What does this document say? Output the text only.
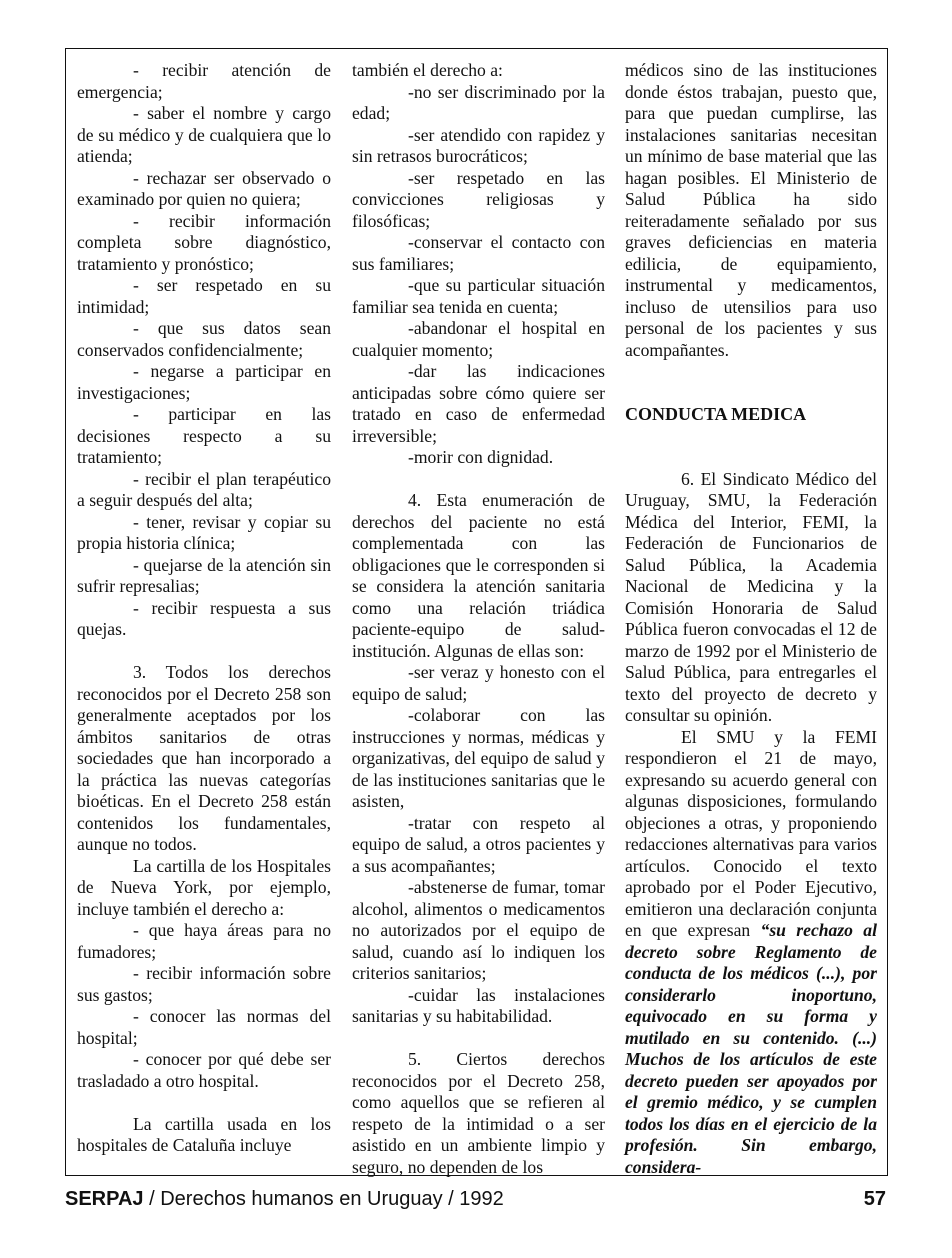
- recibir atención de emergencia;

- saber el nombre y cargo de su médico y de cualquiera que lo atienda;

- rechazar ser observado o examinado por quien no quiera;

- recibir información completa sobre diagnóstico, tratamiento y pronóstico;

- ser respetado en su intimidad;

- que sus datos sean conservados confidencialmente;

- negarse a participar en investigaciones;

- participar en las decisiones respecto a su tratamiento;

- recibir el plan terapéutico a seguir después del alta;

- tener, revisar y copiar su propia historia clínica;

- quejarse de la atención sin sufrir represalias;

- recibir respuesta a sus quejas.

3. Todos los derechos reconocidos por el Decreto 258 son generalmente aceptados por los ámbitos sanitarios de otras sociedades que han incorporado a la práctica las nuevas categorías bioéticas. En el Decreto 258 están contenidos los fundamentales, aunque no todos.

La cartilla de los Hospitales de Nueva York, por ejemplo, incluye también el derecho a:

- que haya áreas para no fumadores;

- recibir información sobre sus gastos;

- conocer las normas del hospital;

- conocer por qué debe ser trasladado a otro hospital.

La cartilla usada en los hospitales de Cataluña incluye

también el derecho a:

-no ser discriminado por la edad;

-ser atendido con rapidez y sin retrasos burocráticos;

-ser respetado en las convicciones religiosas y filosóficas;

-conservar el contacto con sus familiares;

-que su particular situación familiar sea tenida en cuenta;

-abandonar el hospital en cualquier momento;

-dar las indicaciones anticipadas sobre cómo quiere ser tratado en caso de enfermedad irreversible;

-morir con dignidad.

4. Esta enumeración de derechos del paciente no está complementada con las obligaciones que le corresponden si se considera la atención sanitaria como una relación triádica paciente-equipo de salud-institución. Algunas de ellas son:

-ser veraz y honesto con el equipo de salud;

-colaborar con las instrucciones y normas, médicas y organizativas, del equipo de salud y de las instituciones sanitarias que le asisten,

-tratar con respeto al equipo de salud, a otros pacientes y a sus acompañantes;

-abstenerse de fumar, tomar alcohol, alimentos o medicamentos no autorizados por el equipo de salud, cuando así lo indiquen los criterios sanitarios;

-cuidar las instalaciones sanitarias y su habitabilidad.

5. Ciertos derechos reconocidos por el Decreto 258, como aquellos que se refieren al respeto de la intimidad o a ser asistido en un ambiente limpio y seguro, no dependen de los

médicos sino de las instituciones donde éstos trabajan, puesto que, para que puedan cumplirse, las instalaciones sanitarias necesitan un mínimo de base material que las hagan posibles. El Ministerio de Salud Pública ha sido reiteradamente señalado por sus graves deficiencias en materia edilicia, de equipamiento, instrumental y medicamentos, incluso de utensilios para uso personal de los pacientes y sus acompañantes.

CONDUCTA MEDICA

6. El Sindicato Médico del Uruguay, SMU, la Federación Médica del Interior, FEMI, la Federación de Funcionarios de Salud Pública, la Academia Nacional de Medicina y la Comisión Honoraria de Salud Pública fueron convocadas el 12 de marzo de 1992 por el Ministerio de Salud Pública, para entregarles el texto del proyecto de decreto y consultar su opinión.

El SMU y la FEMI respondieron el 21 de mayo, expresando su acuerdo general con algunas disposiciones, formulando objeciones a otras, y proponiendo redacciones alternativas para varios artículos. Conocido el texto aprobado por el Poder Ejecutivo, emitieron una declaración conjunta en que expresan “su rechazo al decreto sobre Reglamento de conducta de los médicos (...), por considerarlo inoportuno, equivocado en su forma y mutilado en su contenido. (...) Muchos de los artículos de este decreto pueden ser apoyados por el gremio médico, y se cumplen todos los días en el ejercicio de la profesión. Sin embargo, considera-

SERPAJ / Derechos humanos en Uruguay / 1992	57
